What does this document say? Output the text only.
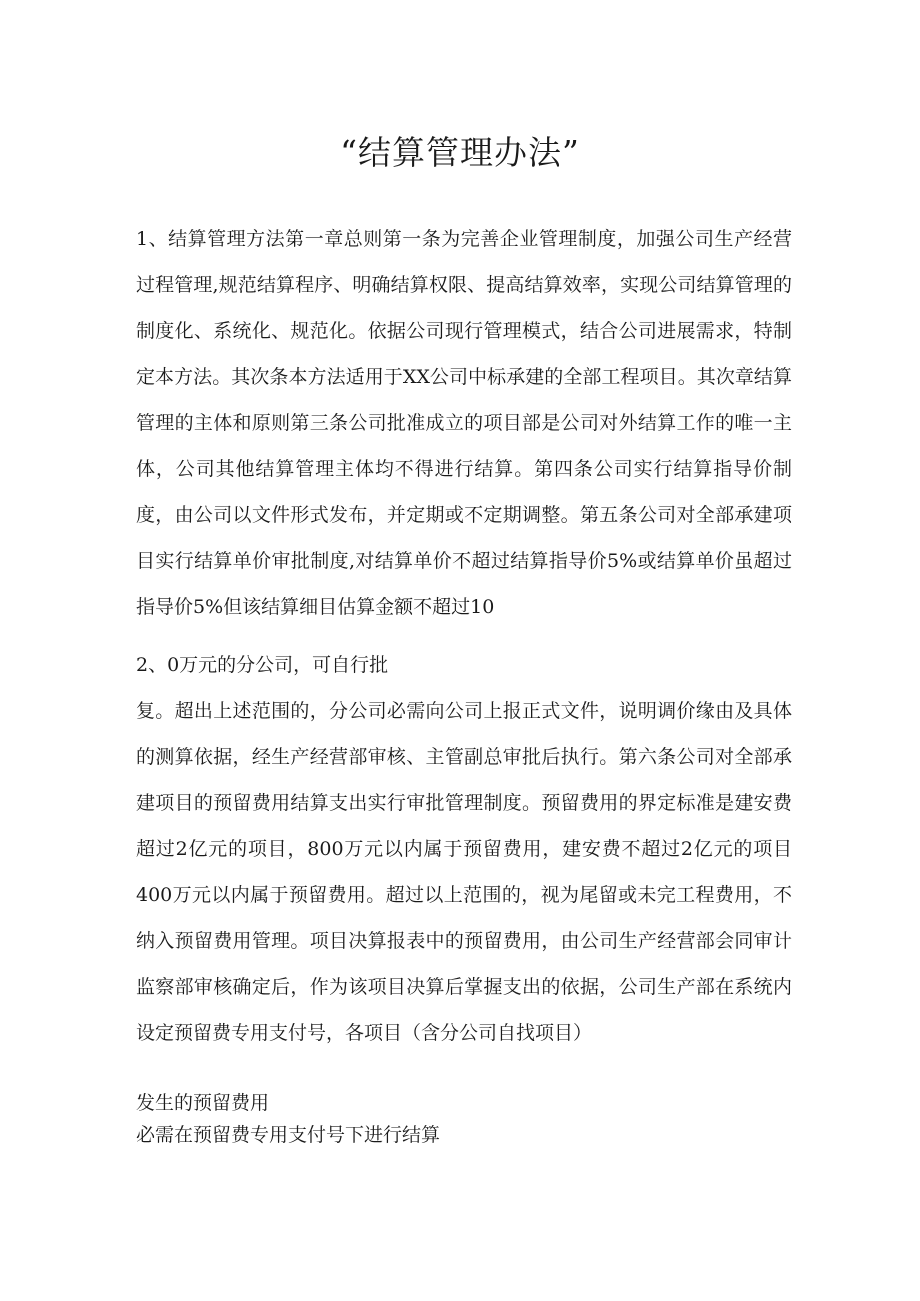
“结算管理办法”

1、结算管理方法第一章总则第一条为完善企业管理制度，加强公司生产经营过程管理,规范结算程序、明确结算权限、提高结算效率，实现公司结算管理的制度化、系统化、规范化。依据公司现行管理模式，结合公司进展需求，特制定本方法。其次条本方法适用于XX公司中标承建的全部工程项目。其次章结算管理的主体和原则第三条公司批准成立的项目部是公司对外结算工作的唯一主体，公司其他结算管理主体均不得进行结算。第四条公司实行结算指导价制度，由公司以文件形式发布，并定期或不定期调整。第五条公司对全部承建项目实行结算单价审批制度,对结算单价不超过结算指导价5%或结算单价虽超过指导价5%但该结算细目估算金额不超过10

2、0万元的分公司，可自行批
复。超出上述范围的，分公司必需向公司上报正式文件，说明调价缘由及具体的测算依据，经生产经营部审核、主管副总审批后执行。第六条公司对全部承建项目的预留费用结算支出实行审批管理制度。预留费用的界定标准是建安费超过2亿元的项目，800万元以内属于预留费用，建安费不超过2亿元的项目400万元以内属于预留费用。超过以上范围的，视为尾留或未完工程费用，不纳入预留费用管理。项目决算报表中的预留费用，由公司生产经营部会同审计监察部审核确定后，作为该项目决算后掌握支出的依据，公司生产部在系统内设定预留费专用支付号，各项目（含分公司自找项目）

发生的预留费用

必需在预留费专用支付号下进行结算
